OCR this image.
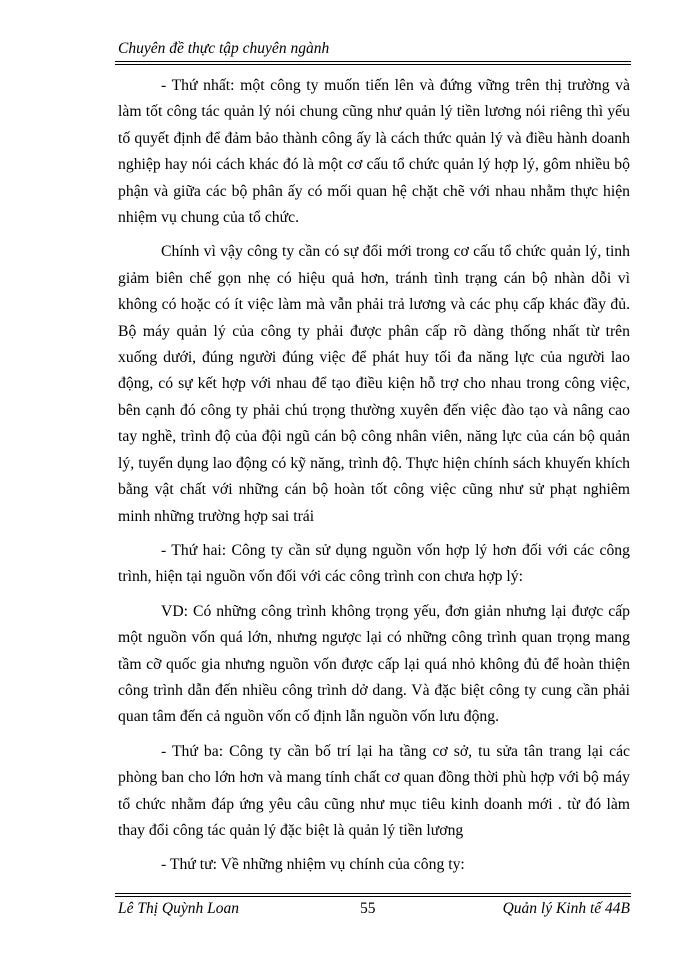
Chuyên đề thực tập chuyên ngành

- Thứ nhất: một công ty muốn tiến lên và đứng vững trên thị trường và làm tốt công tác quản lý nói chung cũng như quản lý tiền lương nói riêng thì yếu tố quyết định để đảm bảo thành công ấy là cách thức quản lý và điều hành doanh nghiệp hay nói cách khác đó là một cơ cấu tổ chức quản lý hợp lý, gôm nhiều bộ phận và giữa các bộ phân ấy có mối quan hệ chặt chẽ với nhau nhằm thực hiện nhiệm vụ chung của tổ chức.

Chính vì vậy công ty cần có sự đổi mới trong cơ cấu tổ chức quản lý, tinh giảm biên chế gọn nhẹ có hiệu quả hơn, tránh tình trạng cán bộ nhàn dỗi vì không có hoặc có ít việc làm mà vẫn phải trả lương và các phụ cấp khác đầy đủ. Bộ máy quản lý của công ty phải được phân cấp rõ dàng thống nhất từ trên xuống dưới, đúng người đúng việc để phát huy tối đa năng lực của người lao động, có sự kết hợp với nhau để tạo điều kiện hỗ trợ cho nhau trong công việc, bên cạnh đó công ty phải chú trọng thường xuyên đến việc đào tạo và nâng cao tay nghề, trình độ của đội ngũ cán bộ công nhân viên, năng lực của cán bộ quản lý, tuyển dụng lao động có kỹ năng, trình độ. Thực hiện chính sách khuyến khích bằng vật chất với những cán bộ hoàn tốt công việc cũng như sử phạt nghiêm minh những trường hợp sai trái

- Thứ hai: Công ty cần sử dụng nguồn vốn hợp lý hơn đối với các công trình, hiện tại nguồn vốn đối với các công trình con chưa hợp lý:

VD: Có những công trình không trọng yếu, đơn giản nhưng lại được cấp một nguồn vốn quá lớn, nhưng ngược lại có những công trình quan trọng mang tầm cỡ quốc gia nhưng nguồn vốn được cấp lại quá nhỏ không đủ để hoàn thiện công trình dẫn đến nhiều công trình dở dang. Và đặc biệt công ty cung cần phải quan tâm đến cả nguồn vốn cố định lẫn nguồn vốn lưu động.

- Thứ ba: Công ty cần bố trí lại ha tầng cơ sở, tu sửa tân trang lại các phòng ban cho lớn hơn và mang tính chất cơ quan đồng thời phù hợp với bộ máy tổ chức nhằm đáp ứng yêu câu cũng như mục tiêu kinh doanh mới . từ đó làm thay đổi công tác quản lý đặc biệt là quản lý tiền lương

- Thứ tư: Về những nhiệm vụ chính của công ty:

Lê Thị Quỳnh Loan	55	Quản lý Kinh tế 44B
